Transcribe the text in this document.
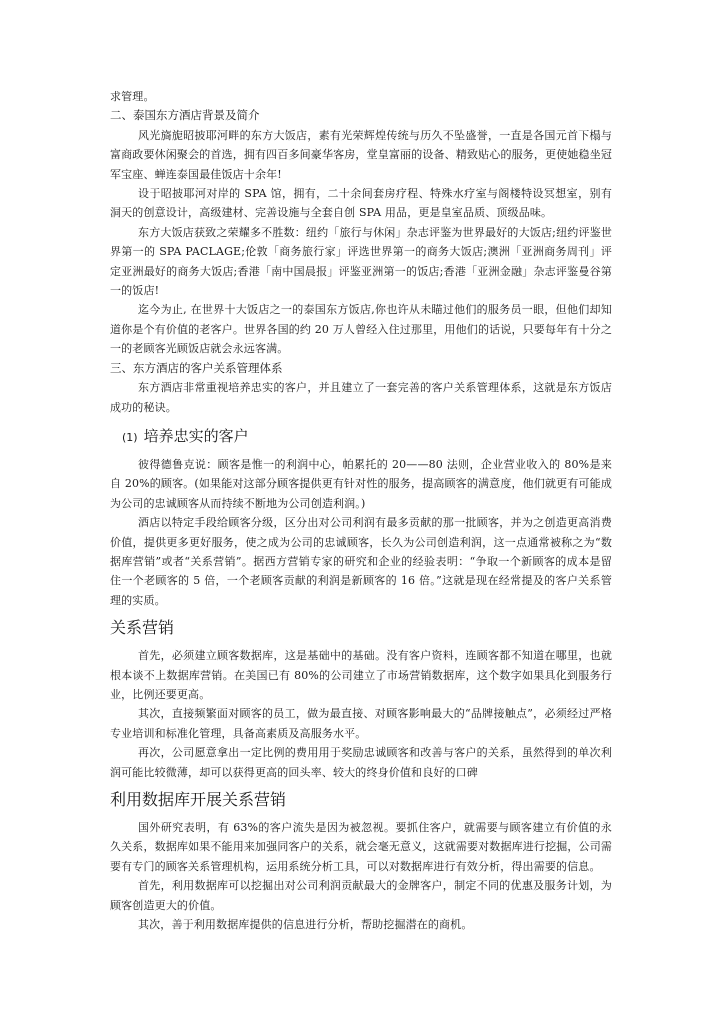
求管理。

二、泰国东方酒店背景及简介

风光旖旎昭披耶河畔的东方大饭店，素有光荣辉煌传统与历久不坠盛誉，一直是各国元首下榻与富商政要休闲聚会的首选，拥有四百多间豪华客房，堂皇富丽的设备、精致贴心的服务，更使她稳坐冠军宝座、蝉连泰国最佳饭店十余年!

设于昭披耶河对岸的 SPA 馆，拥有，二十余间套房疗程、特殊水疗室与阁楼特设冥想室，别有洞天的创意设计，高级建材、完善设施与全套自创 SPA 用品，更是皇室品质、顶级品味。

东方大饭店获致之荣耀多不胜数：纽约「旅行与休闲」杂志评鉴为世界最好的大饭店;纽约评鉴世界第一的 SPA PACLAGE;伦敦「商务旅行家」评选世界第一的商务大饭店;澳洲「亚洲商务周刊」评定亚洲最好的商务大饭店;香港「南中国晨报」评鉴亚洲第一的饭店;香港「亚洲金融」杂志评鉴曼谷第一的饭店!

迄今为止, 在世界十大饭店之一的泰国东方饭店,你也许从未瞄过他们的服务员一眼，但他们却知道你是个有价值的老客户。世界各国的约 20 万人曾经入住过那里，用他们的话说，只要每年有十分之一的老顾客光顾饭店就会永远客满。

三、东方酒店的客户关系管理体系

东方酒店非常重视培养忠实的客户，并且建立了一套完善的客户关系管理体系，这就是东方饭店成功的秘诀。

(1) 培养忠实的客户

彼得德鲁克说：顾客是惟一的利润中心，帕累托的 20——80 法则，企业营业收入的 80%是来自 20%的顾客。(如果能对这部分顾客提供更有针对性的服务，提高顾客的满意度，他们就更有可能成为公司的忠诚顾客从而持续不断地为公司创造利润。)

酒店以特定手段给顾客分级，区分出对公司利润有最多贡献的那一批顾客，并为之创造更高消费价值，提供更多更好服务，使之成为公司的忠诚顾客，长久为公司创造利润，这一点通常被称之为“数据库营销”或者“关系营销”。据西方营销专家的研究和企业的经验表明：“争取一个新顾客的成本是留住一个老顾客的 5 倍，一个老顾客贡献的利润是新顾客的 16 倍。”这就是现在经常提及的客户关系管理的实质。

关系营销

首先，必须建立顾客数据库，这是基础中的基础。没有客户资料，连顾客都不知道在哪里，也就根本谈不上数据库营销。在美国已有 80%的公司建立了市场营销数据库，这个数字如果具化到服务行业，比例还要更高。

其次，直接频繁面对顾客的员工，做为最直接、对顾客影响最大的“品牌接触点”，必须经过严格专业培训和标准化管理，具备高素质及高服务水平。

再次，公司愿意拿出一定比例的费用用于奖励忠诚顾客和改善与客户的关系，虽然得到的单次利润可能比较微薄，却可以获得更高的回头率、较大的终身价值和良好的口碑

利用数据库开展关系营销

国外研究表明，有 63%的客户流失是因为被忽视。要抓住客户，就需要与顾客建立有价值的永久关系，数据库如果不能用来加强同客户的关系，就会毫无意义，这就需要对数据库进行挖掘，公司需要有专门的顾客关系管理机构，运用系统分析工具，可以对数据库进行有效分析，得出需要的信息。

首先，利用数据库可以挖掘出对公司利润贡献最大的金牌客户，制定不同的优惠及服务计划，为顾客创造更大的价值。

其次，善于利用数据库提供的信息进行分析，帮助挖掘潜在的商机。
